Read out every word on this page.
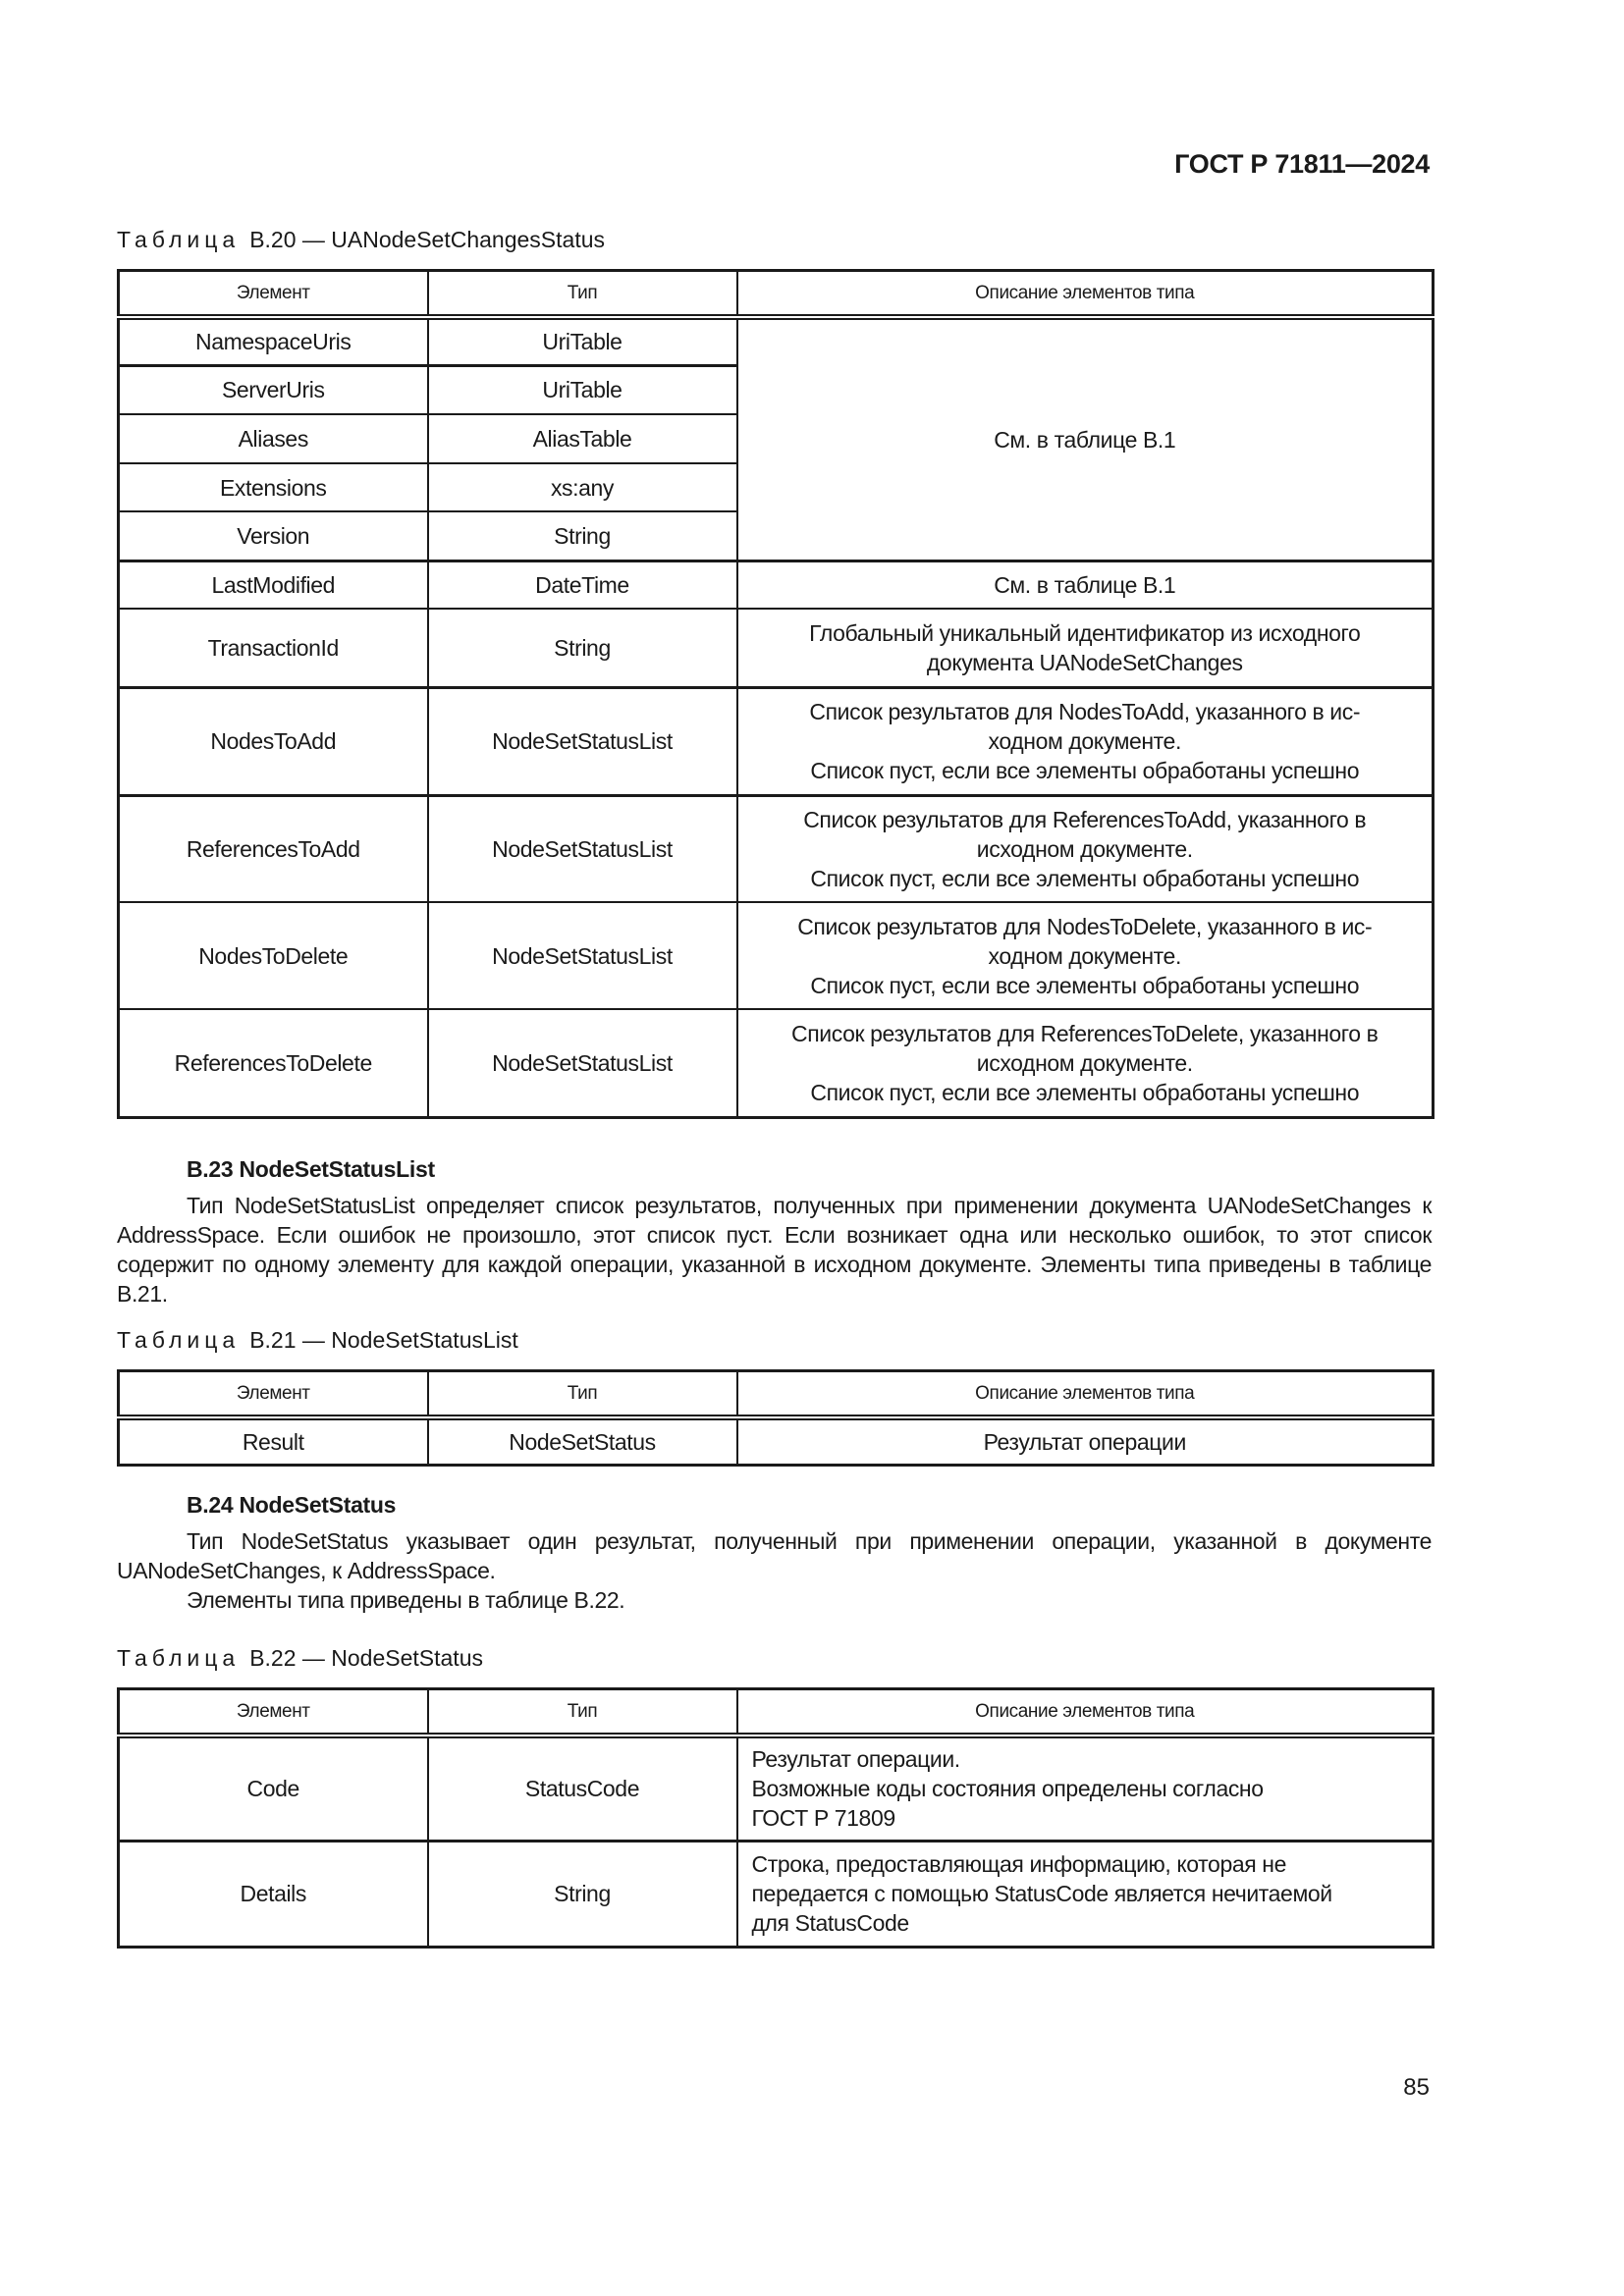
ГОСТ Р 71811—2024
Таблица В.20 — UANodeSetChangesStatus
Элемент	Тип	Описание элементов типа
NamespaceUris	UriTable	См. в таблице В.1
ServerUris	UriTable	
Aliases	AliasTable	
Extensions	xs:any	
Version	String	
LastModified	DateTime	См. в таблице В.1
TransactionId	String	Глобальный уникальный идентификатор из исходного
документа UANodeSetChanges

NodesToAdd	NodeSetStatusList	Список результатов для NodesToAdd, указанного в ис-
ходном документе.
Список пуст, если все элементы обработаны успешно

ReferencesToAdd	NodeSetStatusList	Список результатов для ReferencesToAdd, указанного в
исходном документе.
Список пуст, если все элементы обработаны успешно

NodesToDelete	NodeSetStatusList	Список результатов для NodesToDelete, указанного в ис-
ходном документе.
Список пуст, если все элементы обработаны успешно

ReferencesToDelete	NodeSetStatusList	Список результатов для ReferencesToDelete, указанного в
исходном документе.
Список пуст, если все элементы обработаны успешно
В.23 NodeSetStatusList

Тип NodeSetStatusList определяет список результатов, полученных при применении документа UANodeSetChanges к AddressSpace. Если ошибок не произошло, этот список пуст. Если возникает одна или несколько ошибок, то этот список содержит по одному элементу для каждой операции, указанной в исходном документе. Элементы типа приведены в таблице В.21.

Таблица В.21 — NodeSetStatusList
Элемент	Тип	Описание элементов типа
Result	NodeSetStatus	Результат операции
В.24 NodeSetStatus

Тип NodeSetStatus указывает один результат, полученный при применении операции, указанной в документе UANodeSetChanges, к AddressSpace.

Элементы типа приведены в таблице В.22.

Таблица В.22 — NodeSetStatus
Элемент	Тип	Описание элементов типа
Code	StatusCode	Результат операции.
Возможные коды состояния определены согласно
ГОСТ Р 71809

Details	String	Строка, предоставляющая информацию, которая не
передается с помощью StatusCode является нечитаемой
для StatusCode
85
